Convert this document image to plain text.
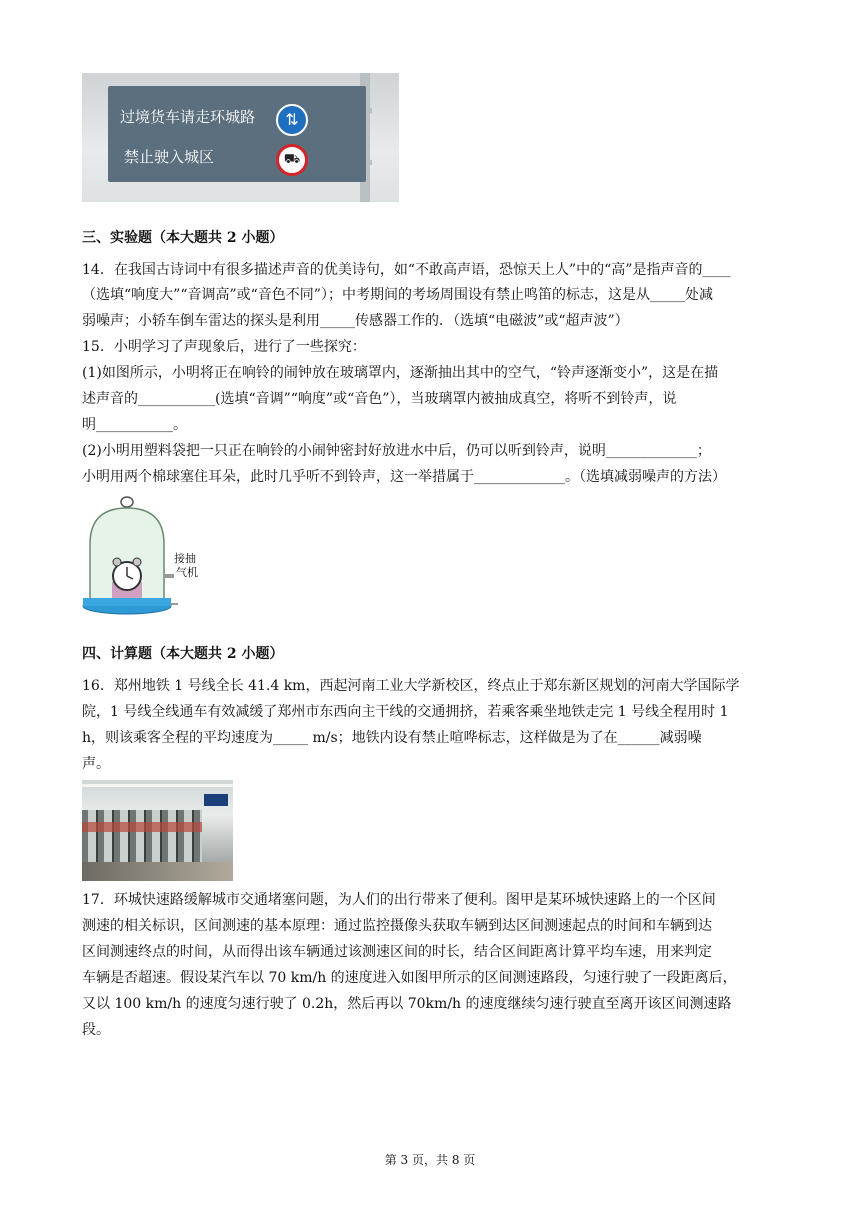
过境货车请走环城路
禁止驶入城区
⇅
⛟
三、实验题（本大题共 2 小题）
14．在我国古诗词中有很多描述声音的优美诗句，如“不敢高声语，恐惊天上人”中的“高”是指声音的____
（选填“响度大”“音调高”或“音色不同”）；中考期间的考场周围设有禁止鸣笛的标志，这是从_____处减
弱噪声；小轿车倒车雷达的探头是利用_____传感器工作的．（选填“电磁波”或“超声波”）
15．小明学习了声现象后，进行了一些探究：
(1)如图所示，小明将正在响铃的闹钟放在玻璃罩内，逐渐抽出其中的空气，“铃声逐渐变小”，这是在描
述声音的___________(选填“音调”“响度”或“音色”），当玻璃罩内被抽成真空，将听不到铃声，说
明___________。
(2)小明用塑料袋把一只正在响铃的小闹钟密封好放进水中后，仍可以听到铃声，说明_____________；
小明用两个棉球塞住耳朵，此时几乎听不到铃声，这一举措属于_____________。（选填减弱噪声的方法）
接抽
气机
四、计算题（本大题共 2 小题）
16．郑州地铁 1 号线全长 41.4 km，西起河南工业大学新校区，终点止于郑东新区规划的河南大学国际学
院，1 号线全线通车有效减缓了郑州市东西向主干线的交通拥挤，若乘客乘坐地铁走完 1 号线全程用时 1
h，则该乘客全程的平均速度为_____ m/s；地铁内设有禁止喧哗标志，这样做是为了在______减弱噪
声。
17．环城快速路缓解城市交通堵塞问题，为人们的出行带来了便利。图甲是某环城快速路上的一个区间
测速的相关标识，区间测速的基本原理：通过监控摄像头获取车辆到达区间测速起点的时间和车辆到达
区间测速终点的时间，从而得出该车辆通过该测速区间的时长，结合区间距离计算平均车速，用来判定
车辆是否超速。假设某汽车以 70 km/h 的速度进入如图甲所示的区间测速路段，匀速行驶了一段距离后，
又以 100 km/h 的速度匀速行驶了 0.2h，然后再以 70km/h 的速度继续匀速行驶直至离开该区间测速路
段。
第 3 页，共 8 页
